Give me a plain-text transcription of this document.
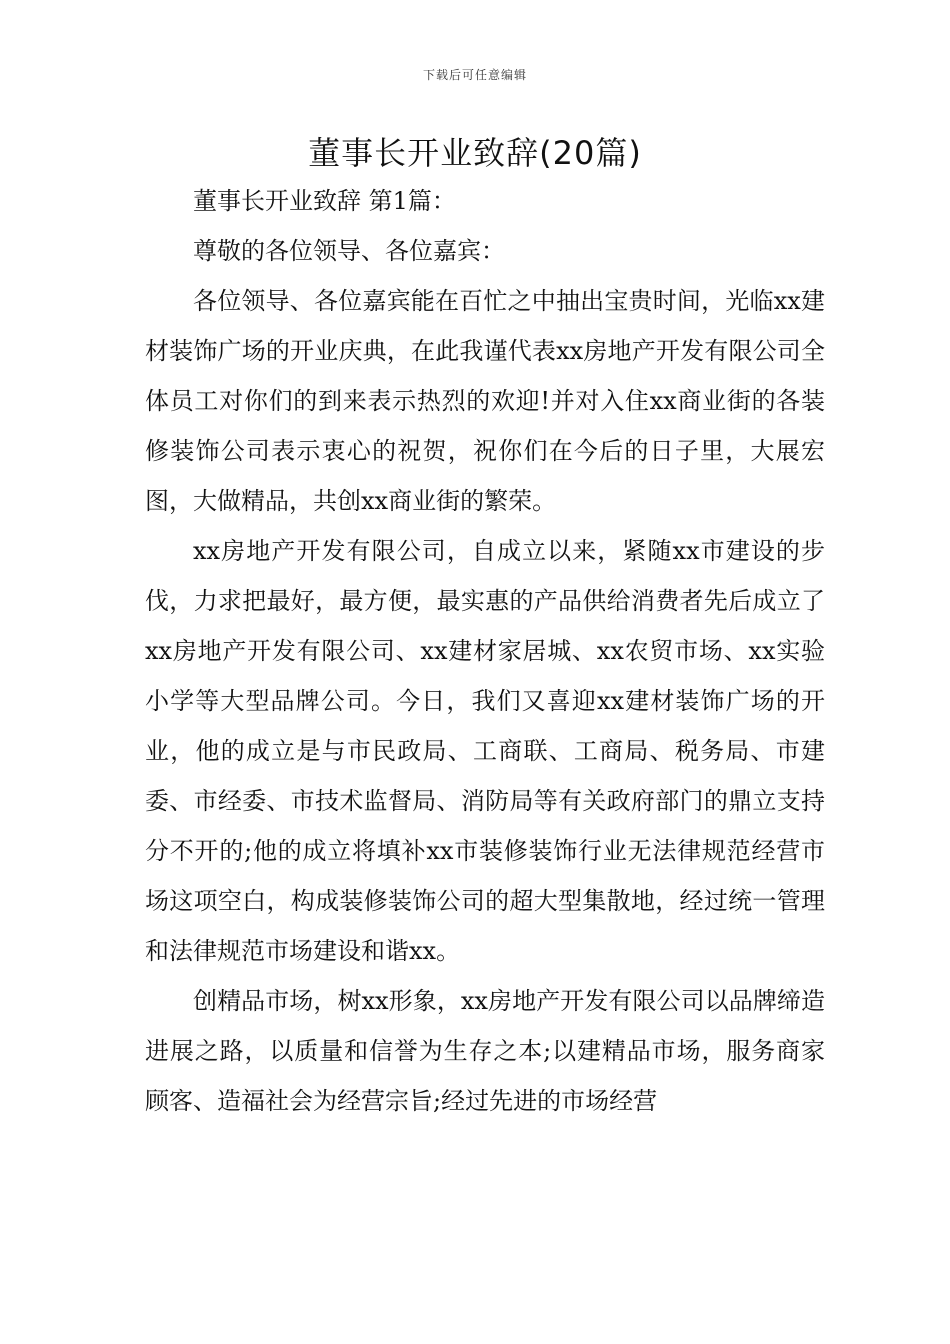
下载后可任意编辑
董事长开业致辞(20篇)

董事长开业致辞 第1篇：

尊敬的各位领导、各位嘉宾：

各位领导、各位嘉宾能在百忙之中抽出宝贵时间，光临xx建材装饰广场的开业庆典，在此我谨代表xx房地产开发有限公司全体员工对你们的到来表示热烈的欢迎!并对入住xx商业街的各装修装饰公司表示衷心的祝贺，祝你们在今后的日子里，大展宏图，大做精品，共创xx商业街的繁荣。

xx房地产开发有限公司，自成立以来，紧随xx市建设的步伐，力求把最好，最方便，最实惠的产品供给消费者先后成立了xx房地产开发有限公司、xx建材家居城、xx农贸市场、xx实验小学等大型品牌公司。今日，我们又喜迎xx建材装饰广场的开业，他的成立是与市民政局、工商联、工商局、税务局、市建委、市经委、市技术监督局、消防局等有关政府部门的鼎立支持分不开的;他的成立将填补xx市装修装饰行业无法律规范经营市场这项空白，构成装修装饰公司的超大型集散地，经过统一管理和法律规范市场建设和谐xx。

创精品市场，树xx形象，xx房地产开发有限公司以品牌缔造进展之路，以质量和信誉为生存之本;以建精品市场，服务商家顾客、造福社会为经营宗旨;经过先进的市场经营
